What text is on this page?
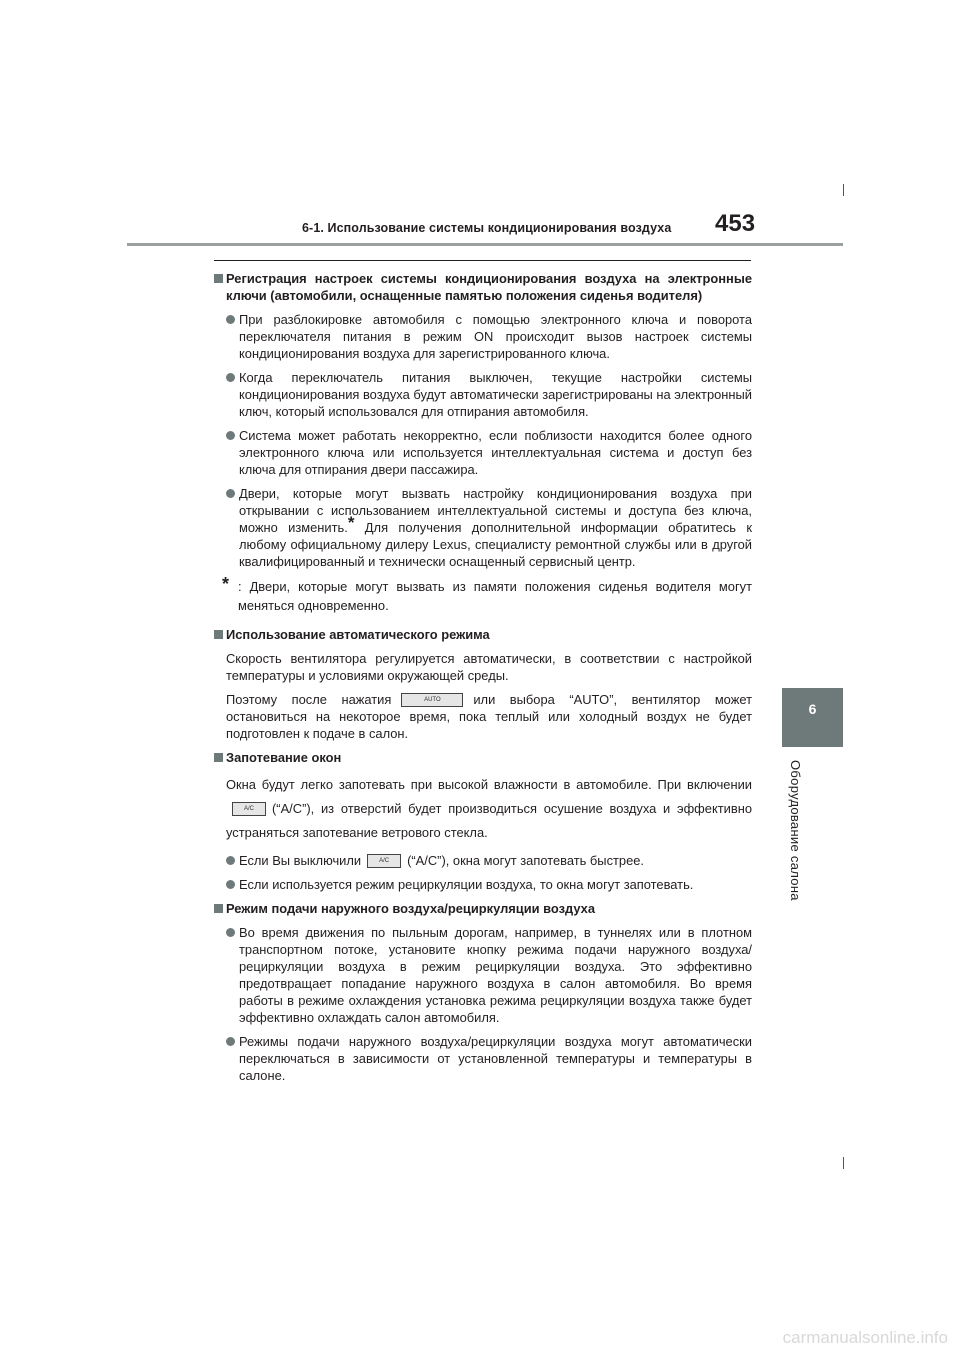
6-1. Использование системы кондиционирования воздуха 453
6
Оборудование салона
Регистрация настроек системы кондиционирования воздуха на электронные ключи (автомобили, оснащенные памятью положения сиденья водителя)
При разблокировке автомобиля с помощью электронного ключа и поворота переключателя питания в режим ON происходит вызов настроек системы кондиционирования воздуха для зарегистрированного ключа.
Когда переключатель питания выключен, текущие настройки системы кондиционирования воздуха будут автоматически зарегистрированы на электронный ключ, который использовался для отпирания автомобиля.
Система может работать некорректно, если поблизости находится более одного электронного ключа или используется интеллектуальная система и доступ без ключа для отпирания двери пассажира.
Двери, которые могут вызвать настройку кондиционирования воздуха при открывании с использованием интеллектуальной системы и доступа без ключа, можно изменить.* Для получения дополнительной информации обратитесь к любому официальному дилеру Lexus, специалисту ремонтной службы или в другой квалифицированный и технически оснащенный сервисный центр.
* : Двери, которые могут вызвать из памяти положения сиденья водителя могут меняться одновременно.
Использование автоматического режима
Скорость вентилятора регулируется автоматически, в соответствии с настройкой температуры и условиями окружающей среды.
Поэтому после нажатия	AUTO	или выбора “AUTO”, вентилятор может остановиться на некоторое время, пока теплый или холодный воздух не будет подготовлен к подаче в салон.
Запотевание окон
Окна будут легко запотевать при высокой влажности в автомобиле. При включении
A/C	(“A/C”), из отверстий будет производиться осушение воздуха и эффективно устраняться запотевание ветрового стекла.
Если Вы выключили	A/C	(“A/C”), окна могут запотевать быстрее.
Если используется режим рециркуляции воздуха, то окна могут запотевать.
Режим подачи наружного воздуха/рециркуляции воздуха
Во время движения по пыльным дорогам, например, в туннелях или в плотном транспортном потоке, установите кнопку режима подачи наружного воздуха/рециркуляции воздуха в режим рециркуляции воздуха. Это эффективно предотвращает попадание наружного воздуха в салон автомобиля. Во время работы в режиме охлаждения установка режима рециркуляции воздуха также будет эффективно охлаждать салон автомобиля.
Режимы подачи наружного воздуха/рециркуляции воздуха могут автоматически переключаться в зависимости от установленной температуры и температуры в салоне.
carmanualsonline.info
